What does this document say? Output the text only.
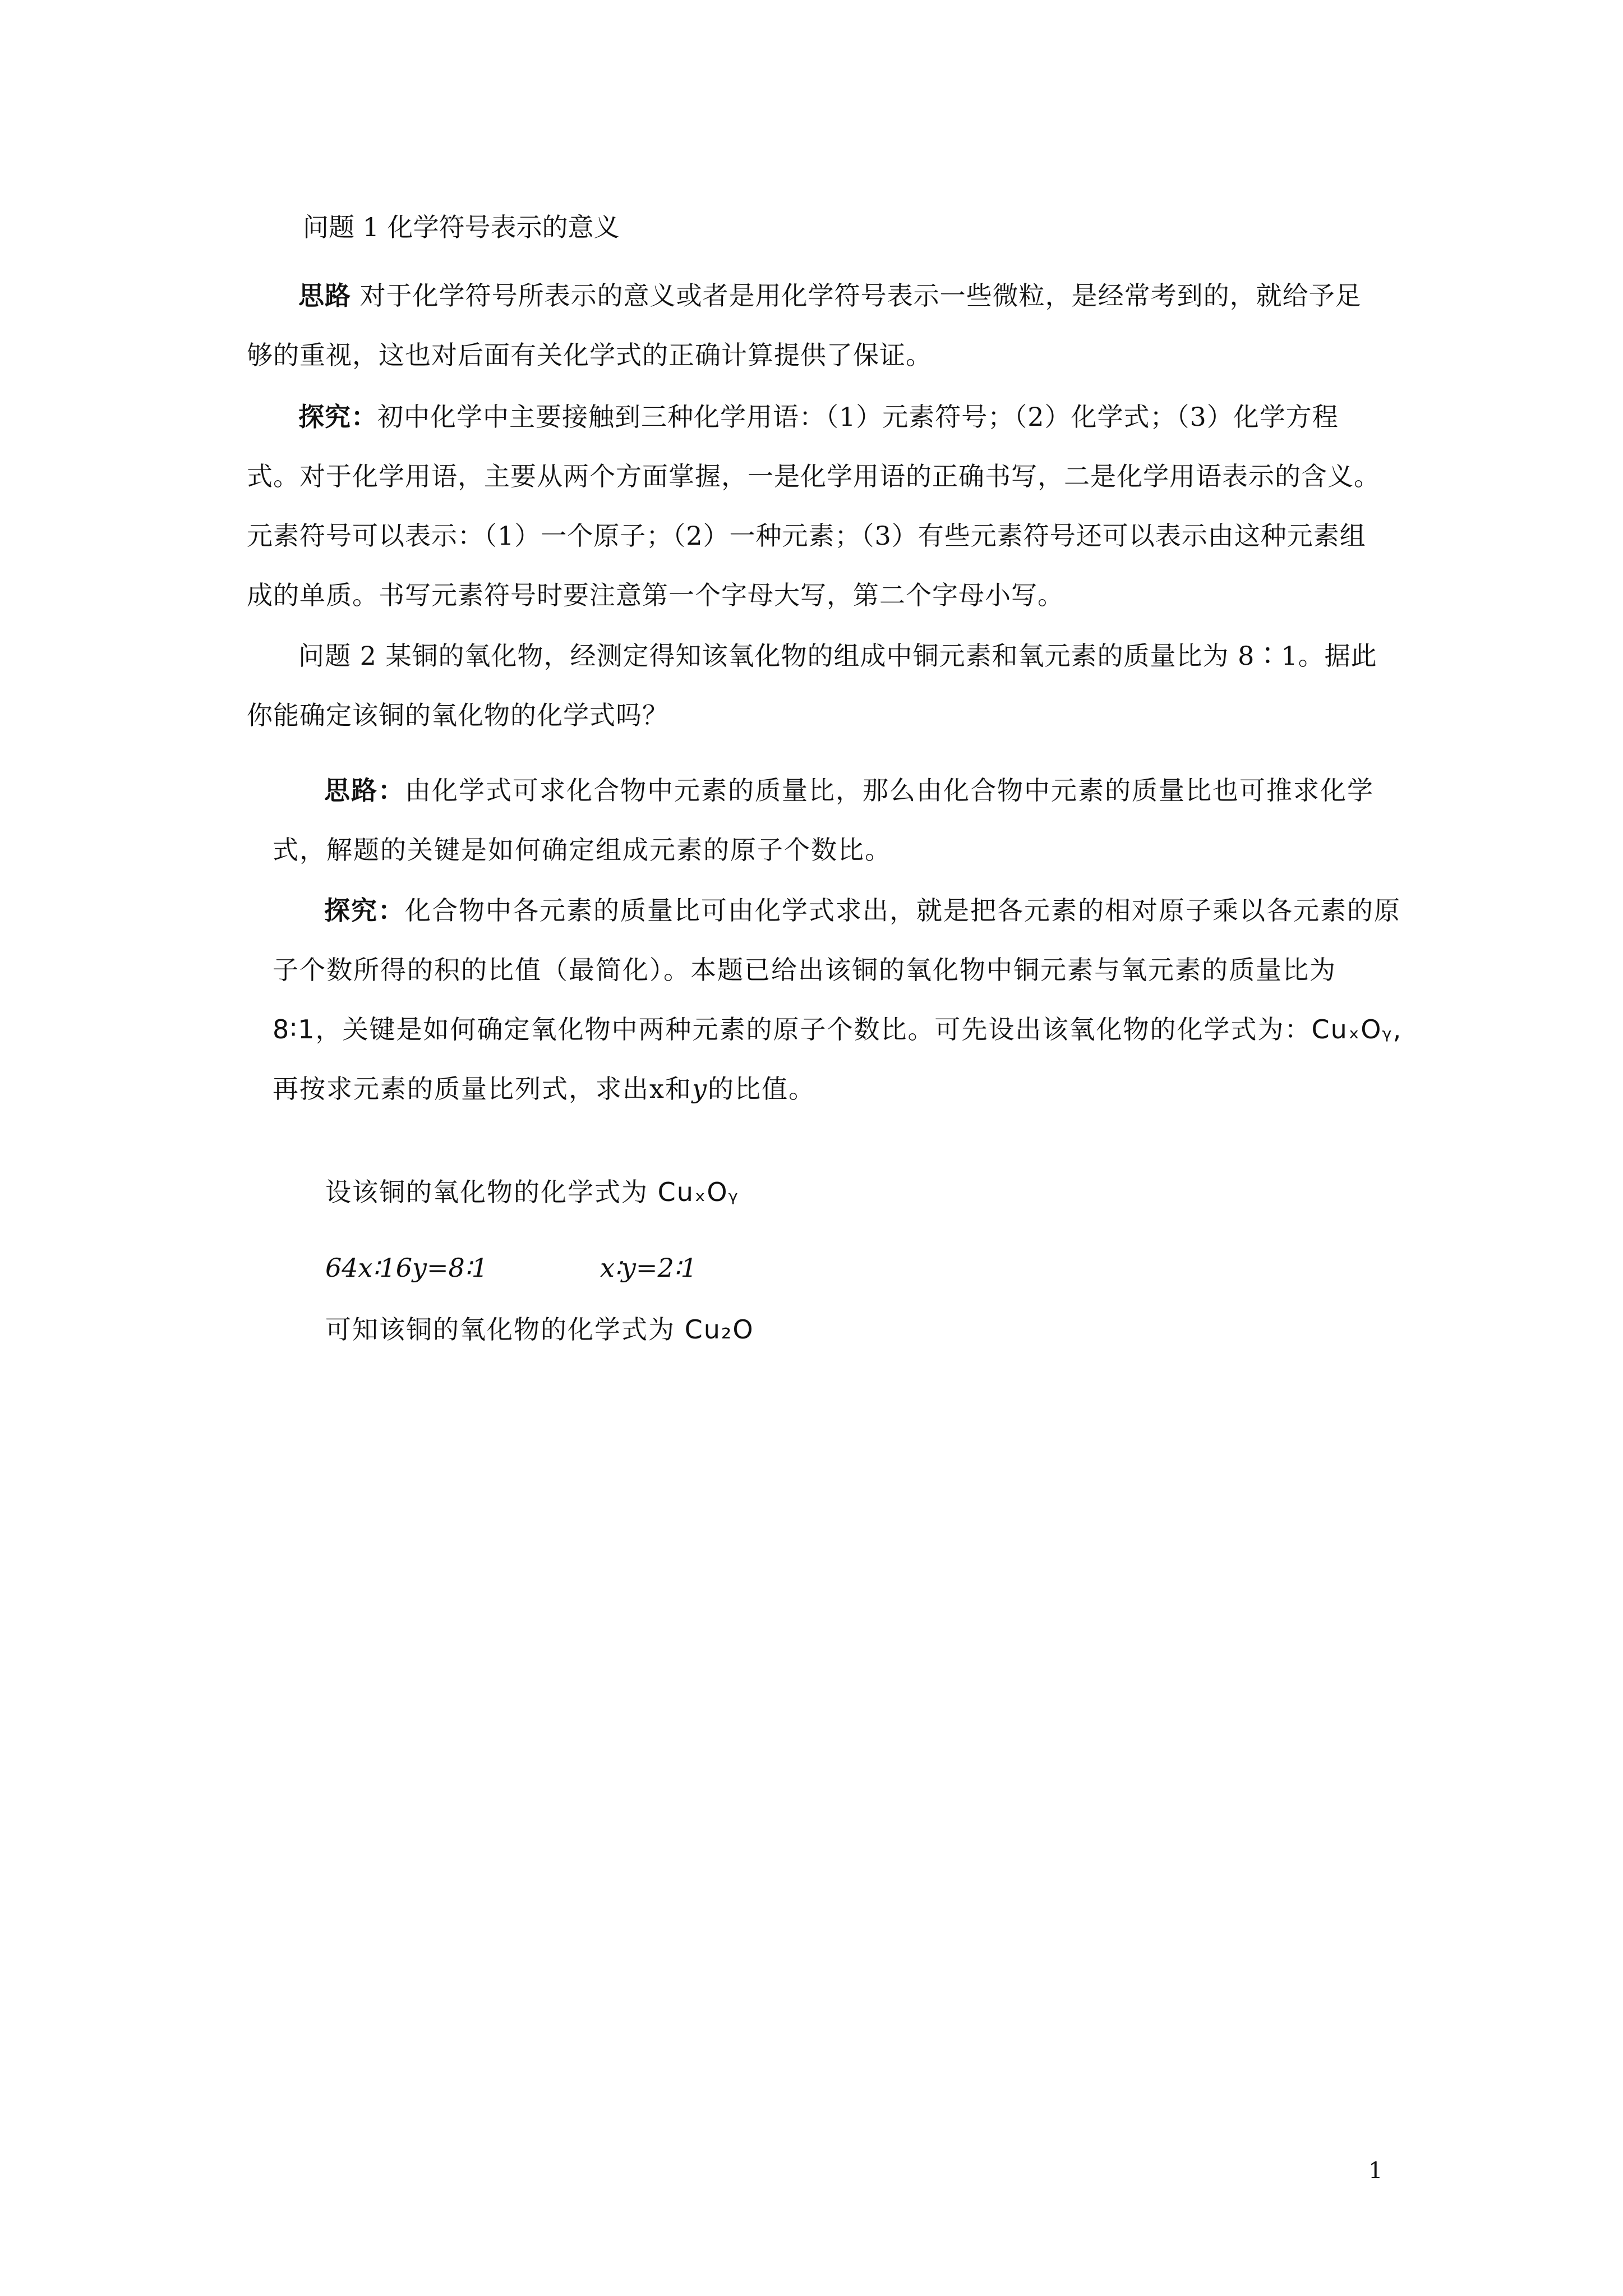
问题 1 化学符号表示的意义

思路 对于化学符号所表示的意义或者是用化学符号表示一些微粒，是经常考到的，就给予足够的重视，这也对后面有关化学式的正确计算提供了保证。

探究：初中化学中主要接触到三种化学用语：（1）元素符号；（2）化学式；（3）化学方程式。对于化学用语，主要从两个方面掌握，一是化学用语的正确书写，二是化学用语表示的含义。元素符号可以表示：（1）一个原子；（2）一种元素；（3）有些元素符号还可以表示由这种元素组成的单质。书写元素符号时要注意第一个字母大写，第二个字母小写。

问题 2 某铜的氧化物，经测定得知该氧化物的组成中铜元素和氧元素的质量比为 8∶1。据此你能确定该铜的氧化物的化学式吗？

思路：由化学式可求化合物中元素的质量比，那么由化合物中元素的质量比也可推求化学式，解题的关键是如何确定组成元素的原子个数比。

探究：化合物中各元素的质量比可由化学式求出，就是把各元素的相对原子乘以各元素的原子个数所得的积的比值（最简化）。本题已给出该铜的氧化物中铜元素与氧元素的质量比为 8∶1，关键是如何确定氧化物中两种元素的原子个数比。可先设出该氧化物的化学式为：CuₓOᵧ,再按求元素的质量比列式，求出x和y的比值。

设该铜的氧化物的化学式为 CuₓOᵧ

64x∶16y=8∶1	x∶y=2∶1

可知该铜的氧化物的化学式为 Cu₂O

1
